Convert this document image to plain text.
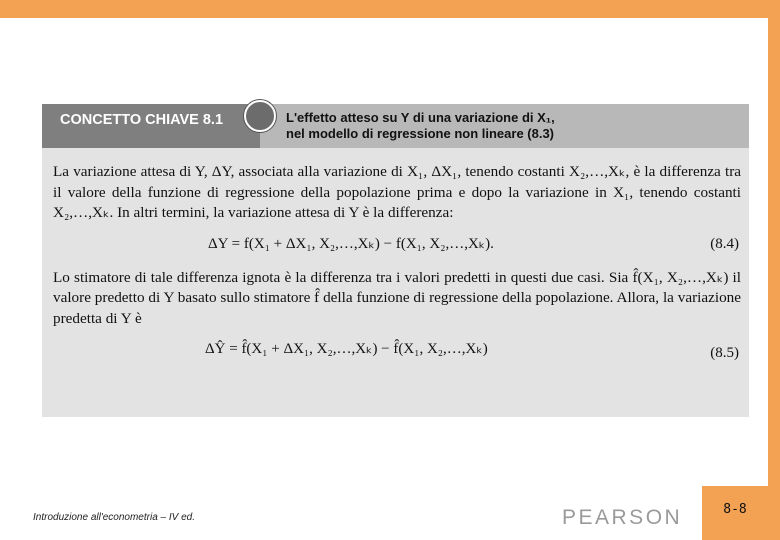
CONCETTO CHIAVE 8.1	L'effetto atteso su Y di una variazione di X₁,
nel modello di regressione non lineare (8.3)

La variazione attesa di Y, ΔY, associata alla variazione di X₁, ΔX₁, tenendo costanti X₂,…,Xₖ, è la differenza tra il valore della funzione di regressione della popolazione prima e dopo la variazione in X₁, tenendo costanti X₂,…,Xₖ. In altri termini, la variazione attesa di Y è la differenza:

ΔY = f(X₁ + ΔX₁, X₂,…,Xₖ) − f(X₁, X₂,…,Xₖ).	(8.4)

Lo stimatore di tale differenza ignota è la differenza tra i valori predetti in questi due casi. Sia f̂(X₁, X₂,…,Xₖ) il valore predetto di Y basato sullo stimatore f̂ della funzione di regressione della popolazione. Allora, la variazione predetta di Y è

ΔŶ = f̂(X₁ + ΔX₁, X₂,…,Xₖ) − f̂(X₁, X₂,…,Xₖ)	(8.5)
Introduzione all'econometria – IV ed.	PEARSON	8-8
